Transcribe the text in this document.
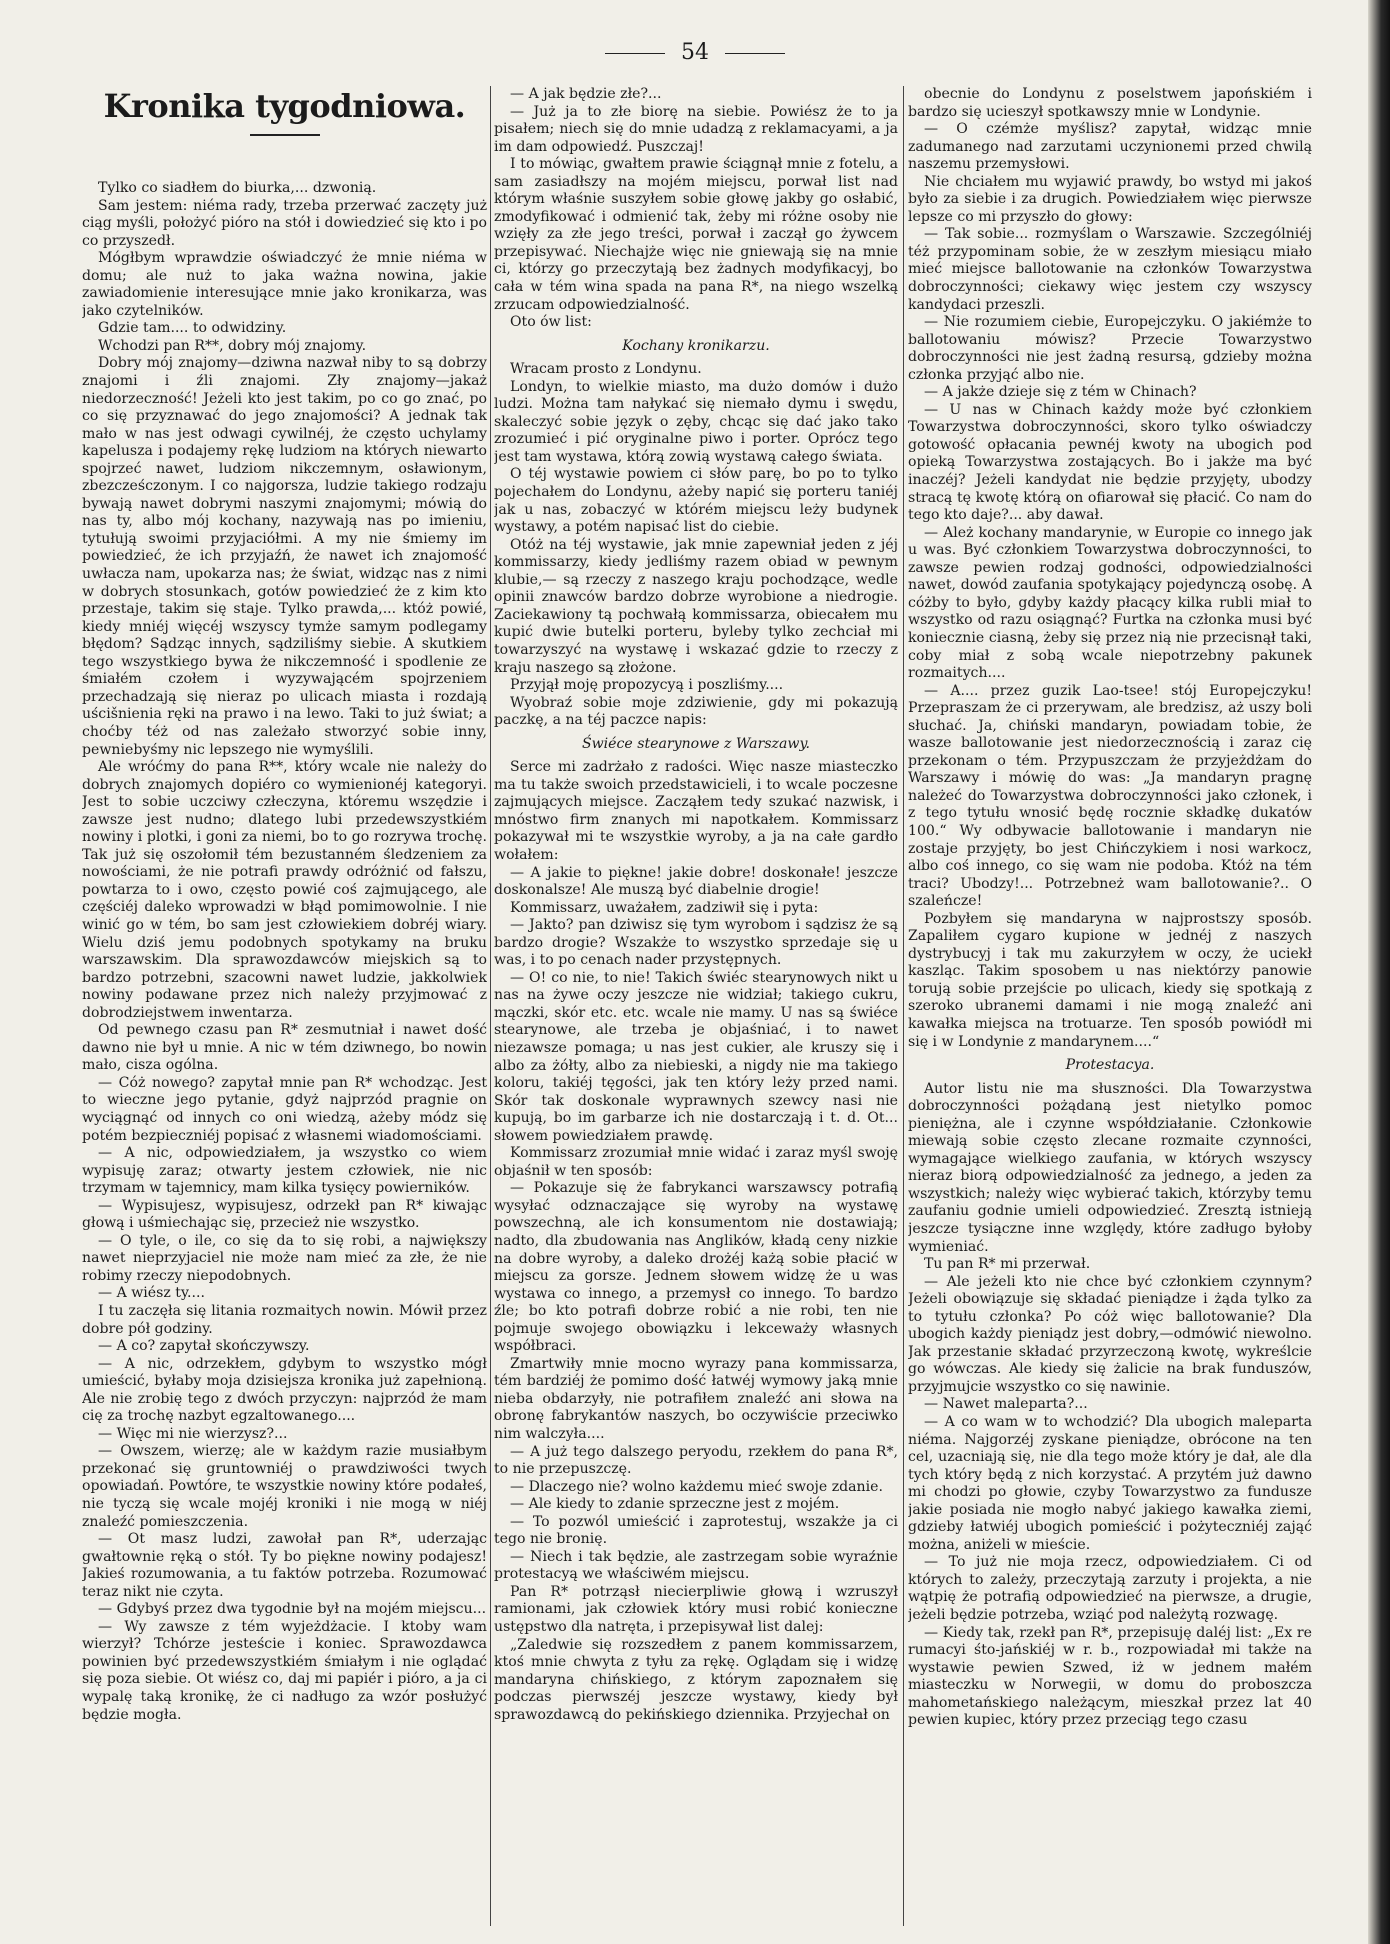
54
Kronika tygodniowa.

Tylko co siadłem do biurka,... dzwonią.

Sam jestem: niéma rady, trzeba przerwać zaczęty już ciąg myśli, położyć pióro na stół i dowiedzieć się kto i po co przyszedł.

Mógłbym wprawdzie oświadczyć że mnie niéma w domu; ale nuż to jaka ważna nowina, jakie zawiadomienie interesujące mnie jako kronikarza, was jako czytelników.

Gdzie tam.... to odwidziny.

Wchodzi pan R**, dobry mój znajomy.

Dobry mój znajomy—dziwna nazwał niby to są dobrzy znajomi i źli znajomi. Zły znajomy—jakaż niedorzeczność! Jeżeli kto jest takim, po co go znać, po co się przyznawać do jego znajomości? A jednak tak mało w nas jest odwagi cywilnéj, że często uchylamy kapelusza i podajemy rękę ludziom na których niewarto spojrzeć nawet, ludziom nikczemnym, osławionym, zbezcześczonym. I co najgorsza, ludzie takiego rodzaju bywają nawet dobrymi naszymi znajomymi; mówią do nas ty, albo mój kochany, nazywają nas po imieniu, tytułują swoimi przyjaciółmi. A my nie śmiemy im powiedzieć, że ich przyjaźń, że nawet ich znajomość uwłacza nam, upokarza nas; że świat, widząc nas z nimi w dobrych stosunkach, gotów powiedzieć że z kim kto przestaje, takim się staje. Tylko prawda,... któż powié, kiedy mniéj więcéj wszyscy tymże samym podlegamy błędom? Sądząc innych, sądziliśmy siebie. A skutkiem tego wszystkiego bywa że nikczemność i spodlenie ze śmiałém czołem i wyzywającém spojrzeniem przechadzają się nieraz po ulicach miasta i rozdają uścišnienia ręki na prawo i na lewo. Taki to już świat; a choćby téż od nas zależało stworzyć sobie inny, pewniebyśmy nic lepszego nie wymyślili.

Ale wróćmy do pana R**, który wcale nie należy do dobrych znajomych dopiéro co wymienionéj kategoryi. Jest to sobie uczciwy człeczyna, któremu wszędzie i zawsze jest nudno; dlatego lubi przedewszystkiém nowiny i plotki, i goni za niemi, bo to go rozrywa trochę. Tak już się oszołomił tém bezustanném śledzeniem za nowościami, że nie potrafi prawdy odróżnić od fałszu, powtarza to i owo, często powié coś zajmującego, ale częściéj daleko wprowadzi w błąd pomimowolnie. I nie winić go w tém, bo sam jest człowiekiem dobréj wiary. Wielu dziś jemu podobnych spotykamy na bruku warszawskim. Dla sprawozdawców miejskich są to bardzo potrzebni, szacowni nawet ludzie, jakkolwiek nowiny podawane przez nich należy przyjmować z dobrodziejstwem inwentarza.

Od pewnego czasu pan R* zesmutniał i nawet dość dawno nie był u mnie. A nic w tém dziwnego, bo nowin mało, cisza ogólna.

— Cóż nowego? zapytał mnie pan R* wchodząc. Jest to wieczne jego pytanie, gdyż najprzód pragnie on wyciągnąć od innych co oni wiedzą, ażeby módz się potém bezpieczniéj popisać z własnemi wiadomościami.

— A nic, odpowiedziałem, ja wszystko co wiem wypisuję zaraz; otwarty jestem człowiek, nie nic trzymam w tajemnicy, mam kilka tysięcy powierników.

— Wypisujesz, wypisujesz, odrzekł pan R* kiwając głową i uśmiechając się, przecież nie wszystko.

— O tyle, o ile, co się da to się robi, a największy nawet nieprzyjaciel nie może nam mieć za złe, że nie robimy rzeczy niepodobnych.

— A wiész ty....

I tu zaczęła się litania rozmaitych nowin. Mówił przez dobre pół godziny.

— A co? zapytał skończywszy.

— A nic, odrzekłem, gdybym to wszystko mógł umieścić, byłaby moja dzisiejsza kronika już zapełnioną. Ale nie zrobię tego z dwóch przyczyn: najprzód że mam cię za trochę nazbyt egzaltowanego....

— Więc mi nie wierzysz?...

— Owszem, wierzę; ale w każdym razie musiałbym przekonać się gruntowniéj o prawdziwości twych opowiadań. Powtóre, te wszystkie nowiny które podałeś, nie tyczą się wcale mojéj kroniki i nie mogą w niéj znaleźć pomieszczenia.

— Ot masz ludzi, zawołał pan R*, uderzając gwałtownie ręką o stół. Ty bo piękne nowiny podajesz! Jakieś rozumowania, a tu faktów potrzeba. Rozumować teraz nikt nie czyta.

— Gdybyś przez dwa tygodnie był na mojém miejscu...

— Wy zawsze z tém wyjeżdżacie. I ktoby wam wierzył? Tchórze jesteście i koniec. Sprawozdawca powinien być przedewszystkiém śmiałym i nie oglądać się poza siebie. Ot wiész co, daj mi papiér i pióro, a ja ci wypalę taką kronikę, że ci nadługo za wzór posłużyć będzie mogła.

— A jak będzie złe?...

— Już ja to złe biorę na siebie. Powiész że to ja pisałem; niech się do mnie udadzą z reklamacyami, a ja im dam odpowiedź. Puszczaj!

I to mówiąc, gwałtem prawie ściągnął mnie z fotelu, a sam zasiadłszy na mojém miejscu, porwał list nad którym właśnie suszyłem sobie głowę jakby go osłabić, zmodyfikować i odmienić tak, żeby mi różne osoby nie wzięły za złe jego treści, porwał i zaczął go żywcem przepisywać. Niechajże więc nie gniewają się na mnie ci, którzy go przeczytają bez żadnych modyfikacyj, bo cała w tém wina spada na pana R*, na niego wszelką zrzucam odpowiedzialność.

Oto ów list:

Kochany kronikarzu.

Wracam prosto z Londynu.

Londyn, to wielkie miasto, ma dużo domów i dużo ludzi. Można tam nałykać się niemało dymu i swędu, skaleczyć sobie język o zęby, chcąc się dać jako tako zrozumieć i pić oryginalne piwo i porter. Oprócz tego jest tam wystawa, którą zowią wystawą całego świata.

O téj wystawie powiem ci słów parę, bo po to tylko pojechałem do Londynu, ażeby napić się porteru taniéj jak u nas, zobaczyć w którém miejscu leży budynek wystawy, a potém napisać list do ciebie.

Otóż na téj wystawie, jak mnie zapewniał jeden z jéj kommissarzy, kiedy jedliśmy razem obiad w pewnym klubie,— są rzeczy z naszego kraju pochodzące, wedle opinii znawców bardzo dobrze wyrobione a niedrogie. Zaciekawiony tą pochwałą kommissarza, obiecałem mu kupić dwie butelki porteru, byleby tylko zechciał mi towarzyszyć na wystawę i wskazać gdzie to rzeczy z kraju naszego są złożone.

Przyjął moję propozycyą i poszliśmy....

Wyobraź sobie moje zdziwienie, gdy mi pokazują paczkę, a na téj paczce napis:

Świéce stearynowe z Warszawy.

Serce mi zadrżało z radości. Więc nasze miasteczko ma tu także swoich przedstawicieli, i to wcale poczesne zajmujących miejsce. Zacząłem tedy szukać nazwisk, i mnóstwo firm znanych mi napotkałem. Kommissarz pokazywał mi te wszystkie wyroby, a ja na całe gardło wołałem:

— A jakie to piękne! jakie dobre! doskonałe! jeszcze doskonalsze! Ale muszą być diabelnie drogie!

Kommissarz, uważałem, zadziwił się i pyta:

— Jakto? pan dziwisz się tym wyrobom i sądzisz że są bardzo drogie? Wszakże to wszystko sprzedaje się u was, i to po cenach nader przystępnych.

— O! co nie, to nie! Takich świéc stearynowych nikt u nas na żywe oczy jeszcze nie widział; takiego cukru, mączki, skór etc. etc. wcale nie mamy. U nas są świéce stearynowe, ale trzeba je objaśniać, i to nawet niezawsze pomaga; u nas jest cukier, ale kruszy się i albo za żółty, albo za niebieski, a nigdy nie ma takiego koloru, takiéj tęgości, jak ten który leży przed nami. Skór tak doskonale wyprawnych szewcy nasi nie kupują, bo im garbarze ich nie dostarczają i t. d. Ot... słowem powiedziałem prawdę.

Kommissarz zrozumiał mnie widać i zaraz myśl swoję objaśnił w ten sposób:

— Pokazuje się że fabrykanci warszawscy potrafią wysyłać odznaczające się wyroby na wystawę powszechną, ale ich konsumentom nie dostawiają; nadto, dla zbudowania nas Anglików, kładą ceny nizkie na dobre wyroby, a daleko drożéj każą sobie płacić w miejscu za gorsze. Jednem słowem widzę że u was wystawa co innego, a przemysł co innego. To bardzo źle; bo kto potrafi dobrze robić a nie robi, ten nie pojmuje swojego obowiązku i lekceważy własnych współbraci.

Zmartwiły mnie mocno wyrazy pana kommissarza, tém bardziéj że pomimo dość łatwéj wymowy jaką mnie nieba obdarzyły, nie potrafiłem znaleźć ani słowa na obronę fabrykantów naszych, bo oczywiście przeciwko nim walczyła....

— A już tego dalszego peryodu, rzekłem do pana R*, to nie przepuszczę.

— Dlaczego nie? wolno każdemu mieć swoje zdanie.

— Ale kiedy to zdanie sprzeczne jest z mojém.

— To pozwól umieścić i zaprotestuj, wszakże ja ci tego nie bronię.

— Niech i tak będzie, ale zastrzegam sobie wyraźnie protestacyą we właściwém miejscu.

Pan R* potrząsł niecierpliwie głową i wzruszył ramionami, jak człowiek który musi robić konieczne ustępstwo dla natręta, i przepisywał list dalej:

„Zaledwie się rozszedłem z panem kommissarzem, ktoś mnie chwyta z tyłu za rękę. Oglądam się i widzę mandaryna chińskiego, z którym zapoznałem się podczas pierwszéj jeszcze wystawy, kiedy był sprawozdawcą do pekińskiego dziennika. Przyjechał on

obecnie do Londynu z poselstwem japońskiém i bardzo się ucieszył spotkawszy mnie w Londynie.

— O czémże myślisz? zapytał, widząc mnie zadumanego nad zarzutami uczynionemi przed chwilą naszemu przemysłowi.

Nie chciałem mu wyjawić prawdy, bo wstyd mi jakoś było za siebie i za drugich. Powiedziałem więc pierwsze lepsze co mi przyszło do głowy:

— Tak sobie... rozmyślam o Warszawie. Szczególniéj téż przypominam sobie, że w zeszłym miesiącu miało mieć miejsce ballotowanie na członków Towarzystwa dobroczynności; ciekawy więc jestem czy wszyscy kandydaci przeszli.

— Nie rozumiem ciebie, Europejczyku. O jakiémże to ballotowaniu mówisz? Przecie Towarzystwo dobroczynności nie jest żadną resursą, gdzieby można członka przyjąć albo nie.

— A jakże dzieje się z tém w Chinach?

— U nas w Chinach każdy może być członkiem Towarzystwa dobroczynności, skoro tylko oświadczy gotowość opłacania pewnéj kwoty na ubogich pod opieką Towarzystwa zostających. Bo i jakże ma być inaczéj? Jeżeli kandydat nie będzie przyjęty, ubodzy stracą tę kwotę którą on ofiarował się płacić. Co nam do tego kto daje?... aby dawał.

— Ależ kochany mandarynie, w Europie co innego jak u was. Być członkiem Towarzystwa dobroczynności, to zawsze pewien rodzaj godności, odpowiedzialności nawet, dowód zaufania spotykający pojedynczą osobę. A cóżby to było, gdyby każdy płacący kilka rubli miał to wszystko od razu osiągnąć? Furtka na członka musi być koniecznie ciasną, żeby się przez nią nie przecisnął taki, coby miał z sobą wcale niepotrzebny pakunek rozmaitych....

— A.... przez guzik Lao-tsee! stój Europejczyku! Przepraszam że ci przerywam, ale bredzisz, aż uszy boli słuchać. Ja, chiński mandaryn, powiadam tobie, że wasze ballotowanie jest niedorzecznością i zaraz cię przekonam o tém. Przypuszczam że przyjeżdżam do Warszawy i mówię do was: „Ja mandaryn pragnę należeć do Towarzystwa dobroczynności jako członek, i z tego tytułu wnosić będę rocznie składkę dukatów 100.“ Wy odbywacie ballotowanie i mandaryn nie zostaje przyjęty, bo jest Chińczykiem i nosi warkocz, albo coś innego, co się wam nie podoba. Któż na tém traci? Ubodzy!... Potrzebneż wam ballotowanie?.. O szaleńcze!

Pozbyłem się mandaryna w najprostszy sposób. Zapaliłem cygaro kupione w jednéj z naszych dystrybucyj i tak mu zakurzyłem w oczy, że uciekł kaszląc. Takim sposobem u nas niektórzy panowie torują sobie przejście po ulicach, kiedy się spotkają z szeroko ubranemi damami i nie mogą znaleźć ani kawałka miejsca na trotuarze. Ten sposób powiódł mi się i w Londynie z mandarynem....“

Protestacya.

Autor listu nie ma słuszności. Dla Towarzystwa dobroczynności pożądaną jest nietylko pomoc pieniężna, ale i czynne współdziałanie. Członkowie miewają sobie często zlecane rozmaite czynności, wymagające wielkiego zaufania, w których wszyscy nieraz biorą odpowiedzialność za jednego, a jeden za wszystkich; należy więc wybierać takich, którzyby temu zaufaniu godnie umieli odpowiedzieć. Zresztą istnieją jeszcze tysiączne inne względy, które zadługo byłoby wymieniać.

Tu pan R* mi przerwał.

— Ale jeżeli kto nie chce być członkiem czynnym? Jeżeli obowiązuje się składać pieniądze i żąda tylko za to tytułu członka? Po cóż więc ballotowanie? Dla ubogich każdy pieniądz jest dobry,—odmówić niewolno. Jak przestanie składać przyrzeczoną kwotę, wykreślcie go wówczas. Ale kiedy się żalicie na brak funduszów, przyjmujcie wszystko co się nawinie.

— Nawet maleparta?...

— A co wam w to wchodzić? Dla ubogich maleparta niéma. Najgorzéj zyskane pieniądze, obrócone na ten cel, uzacniają się, nie dla tego może który je dał, ale dla tych który będą z nich korzystać. A przytém już dawno mi chodzi po głowie, czyby Towarzystwo za fundusze jakie posiada nie mogło nabyć jakiego kawałka ziemi, gdzieby łatwiéj ubogich pomieścić i pożyteczniéj zająć można, aniżeli w mieście.

— To już nie moja rzecz, odpowiedziałem. Ci od których to zależy, przeczytają zarzuty i projekta, a nie wątpię że potrafią odpowiedzieć na pierwsze, a drugie, jeżeli będzie potrzeba, wziąć pod należytą rozwagę.

— Kiedy tak, rzekł pan R*, przepisuję daléj list: „Ex re rumacyi śto-jańskiéj w r. b., rozpowiadał mi także na wystawie pewien Szwed, iż w jednem małém miasteczku w Norwegii, w domu do proboszcza mahometańskiego należącym, mieszkał przez lat 40 pewien kupiec, który przez przeciąg tego czasu
